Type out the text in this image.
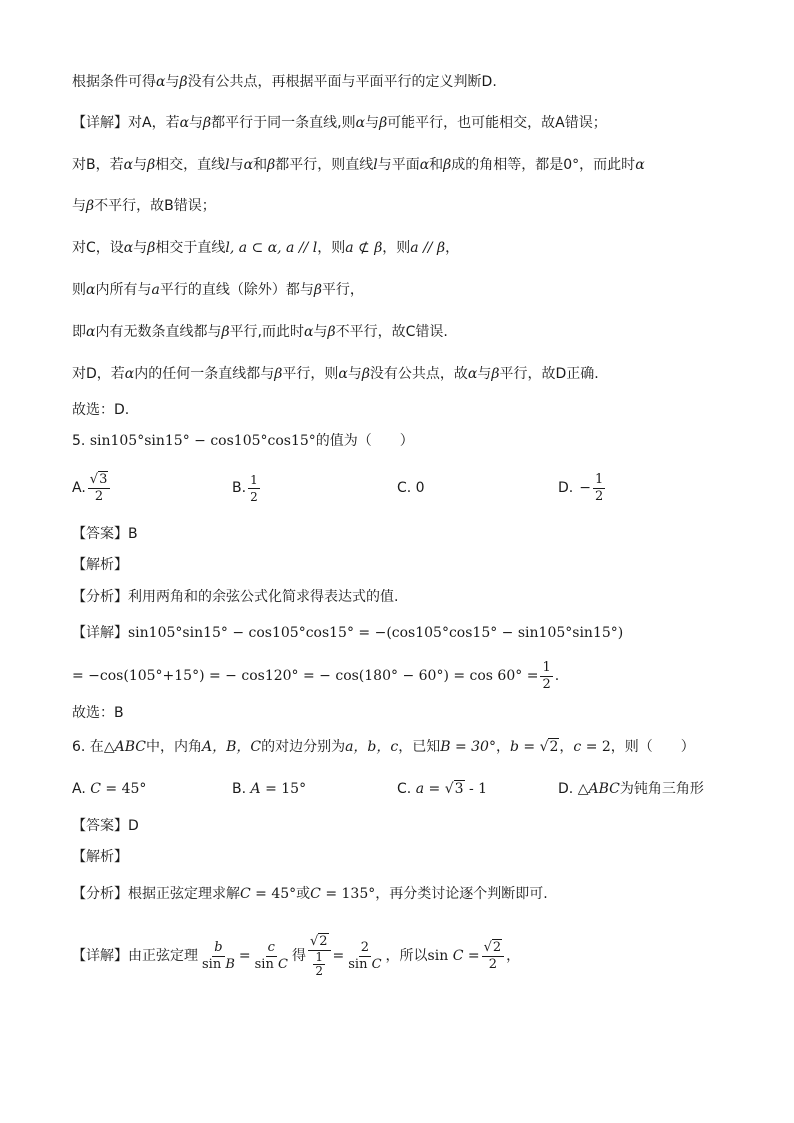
根据条件可得α与β没有公共点，再根据平面与平面平行的定义判断D.
【详解】对A，若α与β都平行于同一条直线,则α与β可能平行，也可能相交，故A错误；
对B，若α与β相交，直线l与α和β都平行，则直线l与平面α和β成的角相等，都是0°，而此时α
与β不平行，故B错误；
对C，设α与β相交于直线l, a ⊂ α, a // l，则a ⊄ β，则a // β，
则α内所有与a平行的直线（除外）都与β平行，
即α内有无数条直线都与β平行,而此时α与β不平行，故C错误.
对D，若α内的任何一条直线都与β平行，则α与β没有公共点，故α与β平行，故D正确.
故选：D.
5. sin105°sin15° − cos105°cos15°的值为（　　）
A. $\frac{√3}{2}$	B. $\frac{1}{2}$	C. 0	D. − $\frac{1}{2}$
【答案】B
【解析】
【分析】利用两角和的余弦公式化简求得表达式的值.
【详解】sin105°sin15° − cos105°cos15° = −(cos105°cos15° − sin105°sin15°)
= −cos(105°+15°) = − cos120° = − $\cos(180^\circ - 60^\circ) = \cos 60^\circ = \frac{1}{2}$ .
故选：B
6. 在△ABC中，内角A，B，C的对边分别为a，b，c，已知B = 30°，b = √2，c = 2，则（　　）
A. C = 45°	B. A = 15°	C. a = √3 - 1	D. △ABC为钝角三角形
【答案】D
【解析】
【分析】根据正弦定理求解C = 45°或C = 135°，再分类讨论逐个判断即可.
【详解】由正弦定理 $\frac{b}{\text{sin B}} = \frac{c}{\text{sin C}}$ 得 $\frac{√2}{\frac{1}{2}} = \frac{2}{\text{sin C}}$ ，所以 $\sin C = \frac{√2}{2}$ ，
